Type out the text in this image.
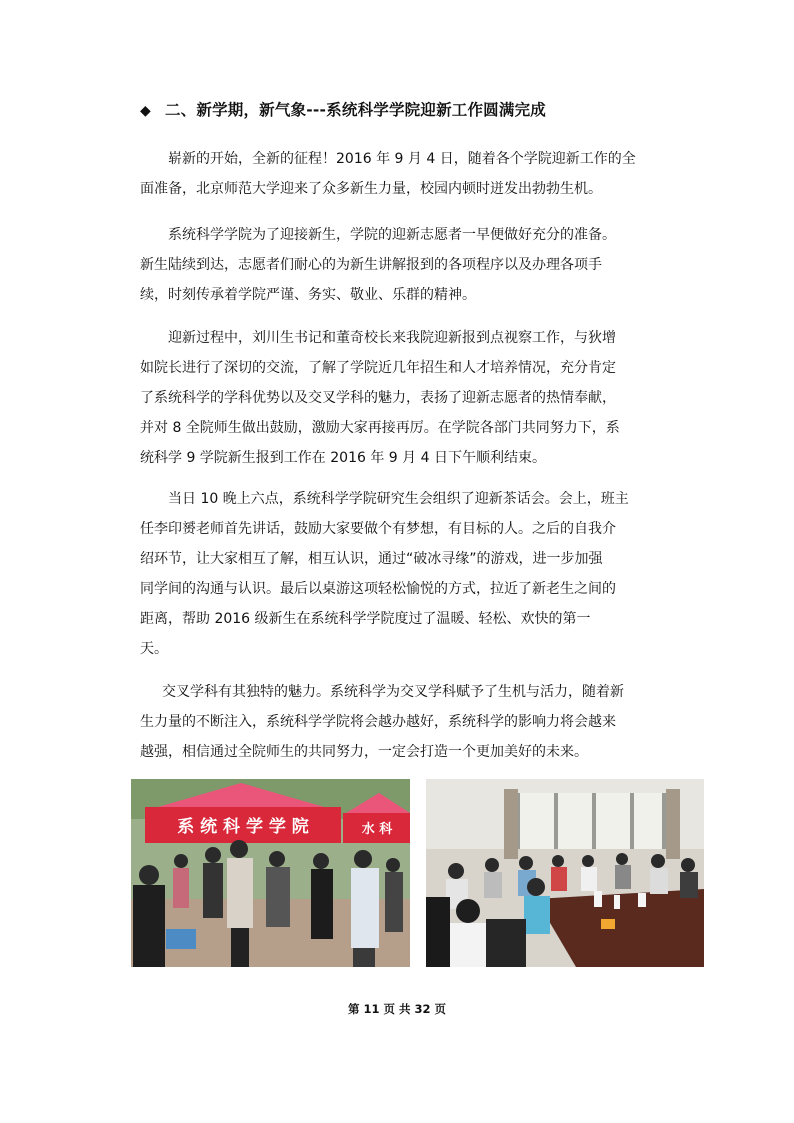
◆ 二、新学期，新气象---系统科学学院迎新工作圆满完成
崭新的开始，全新的征程！2016 年 9 月 4 日，随着各个学院迎新工作的全
面准备，北京师范大学迎来了众多新生力量，校园内顿时迸发出勃勃生机。
系统科学学院为了迎接新生，学院的迎新志愿者一早便做好充分的准备。
新生陆续到达，志愿者们耐心的为新生讲解报到的各项程序以及办理各项手
续，时刻传承着学院严谨、务实、敬业、乐群的精神。
迎新过程中，刘川生书记和董奇校长来我院迎新报到点视察工作，与狄增
如院长进行了深切的交流，了解了学院近几年招生和人才培养情况，充分肯定
了系统科学的学科优势以及交叉学科的魅力，表扬了迎新志愿者的热情奉献，
并对 8 全院师生做出鼓励，激励大家再接再厉。在学院各部门共同努力下，系
统科学 9 学院新生报到工作在 2016 年 9 月 4 日下午顺利结束。
当日 10 晚上六点，系统科学学院研究生会组织了迎新茶话会。会上，班主
任李印赟老师首先讲话，鼓励大家要做个有梦想，有目标的人。之后的自我介
绍环节，让大家相互了解，相互认识，通过“破冰寻缘”的游戏，进一步加强
同学间的沟通与认识。最后以桌游这项轻松愉悦的方式，拉近了新老生之间的
距离，帮助 2016 级新生在系统科学学院度过了温暖、轻松、欢快的第一
天。
交叉学科有其独特的魅力。系统科学为交叉学科赋予了生机与活力，随着新
生力量的不断注入，系统科学学院将会越办越好，系统科学的影响力将会越来
越强，相信通过全院师生的共同努力，一定会打造一个更加美好的未来。
系 统 科 学 学 院	水 科
第 11 页 共 32 页
